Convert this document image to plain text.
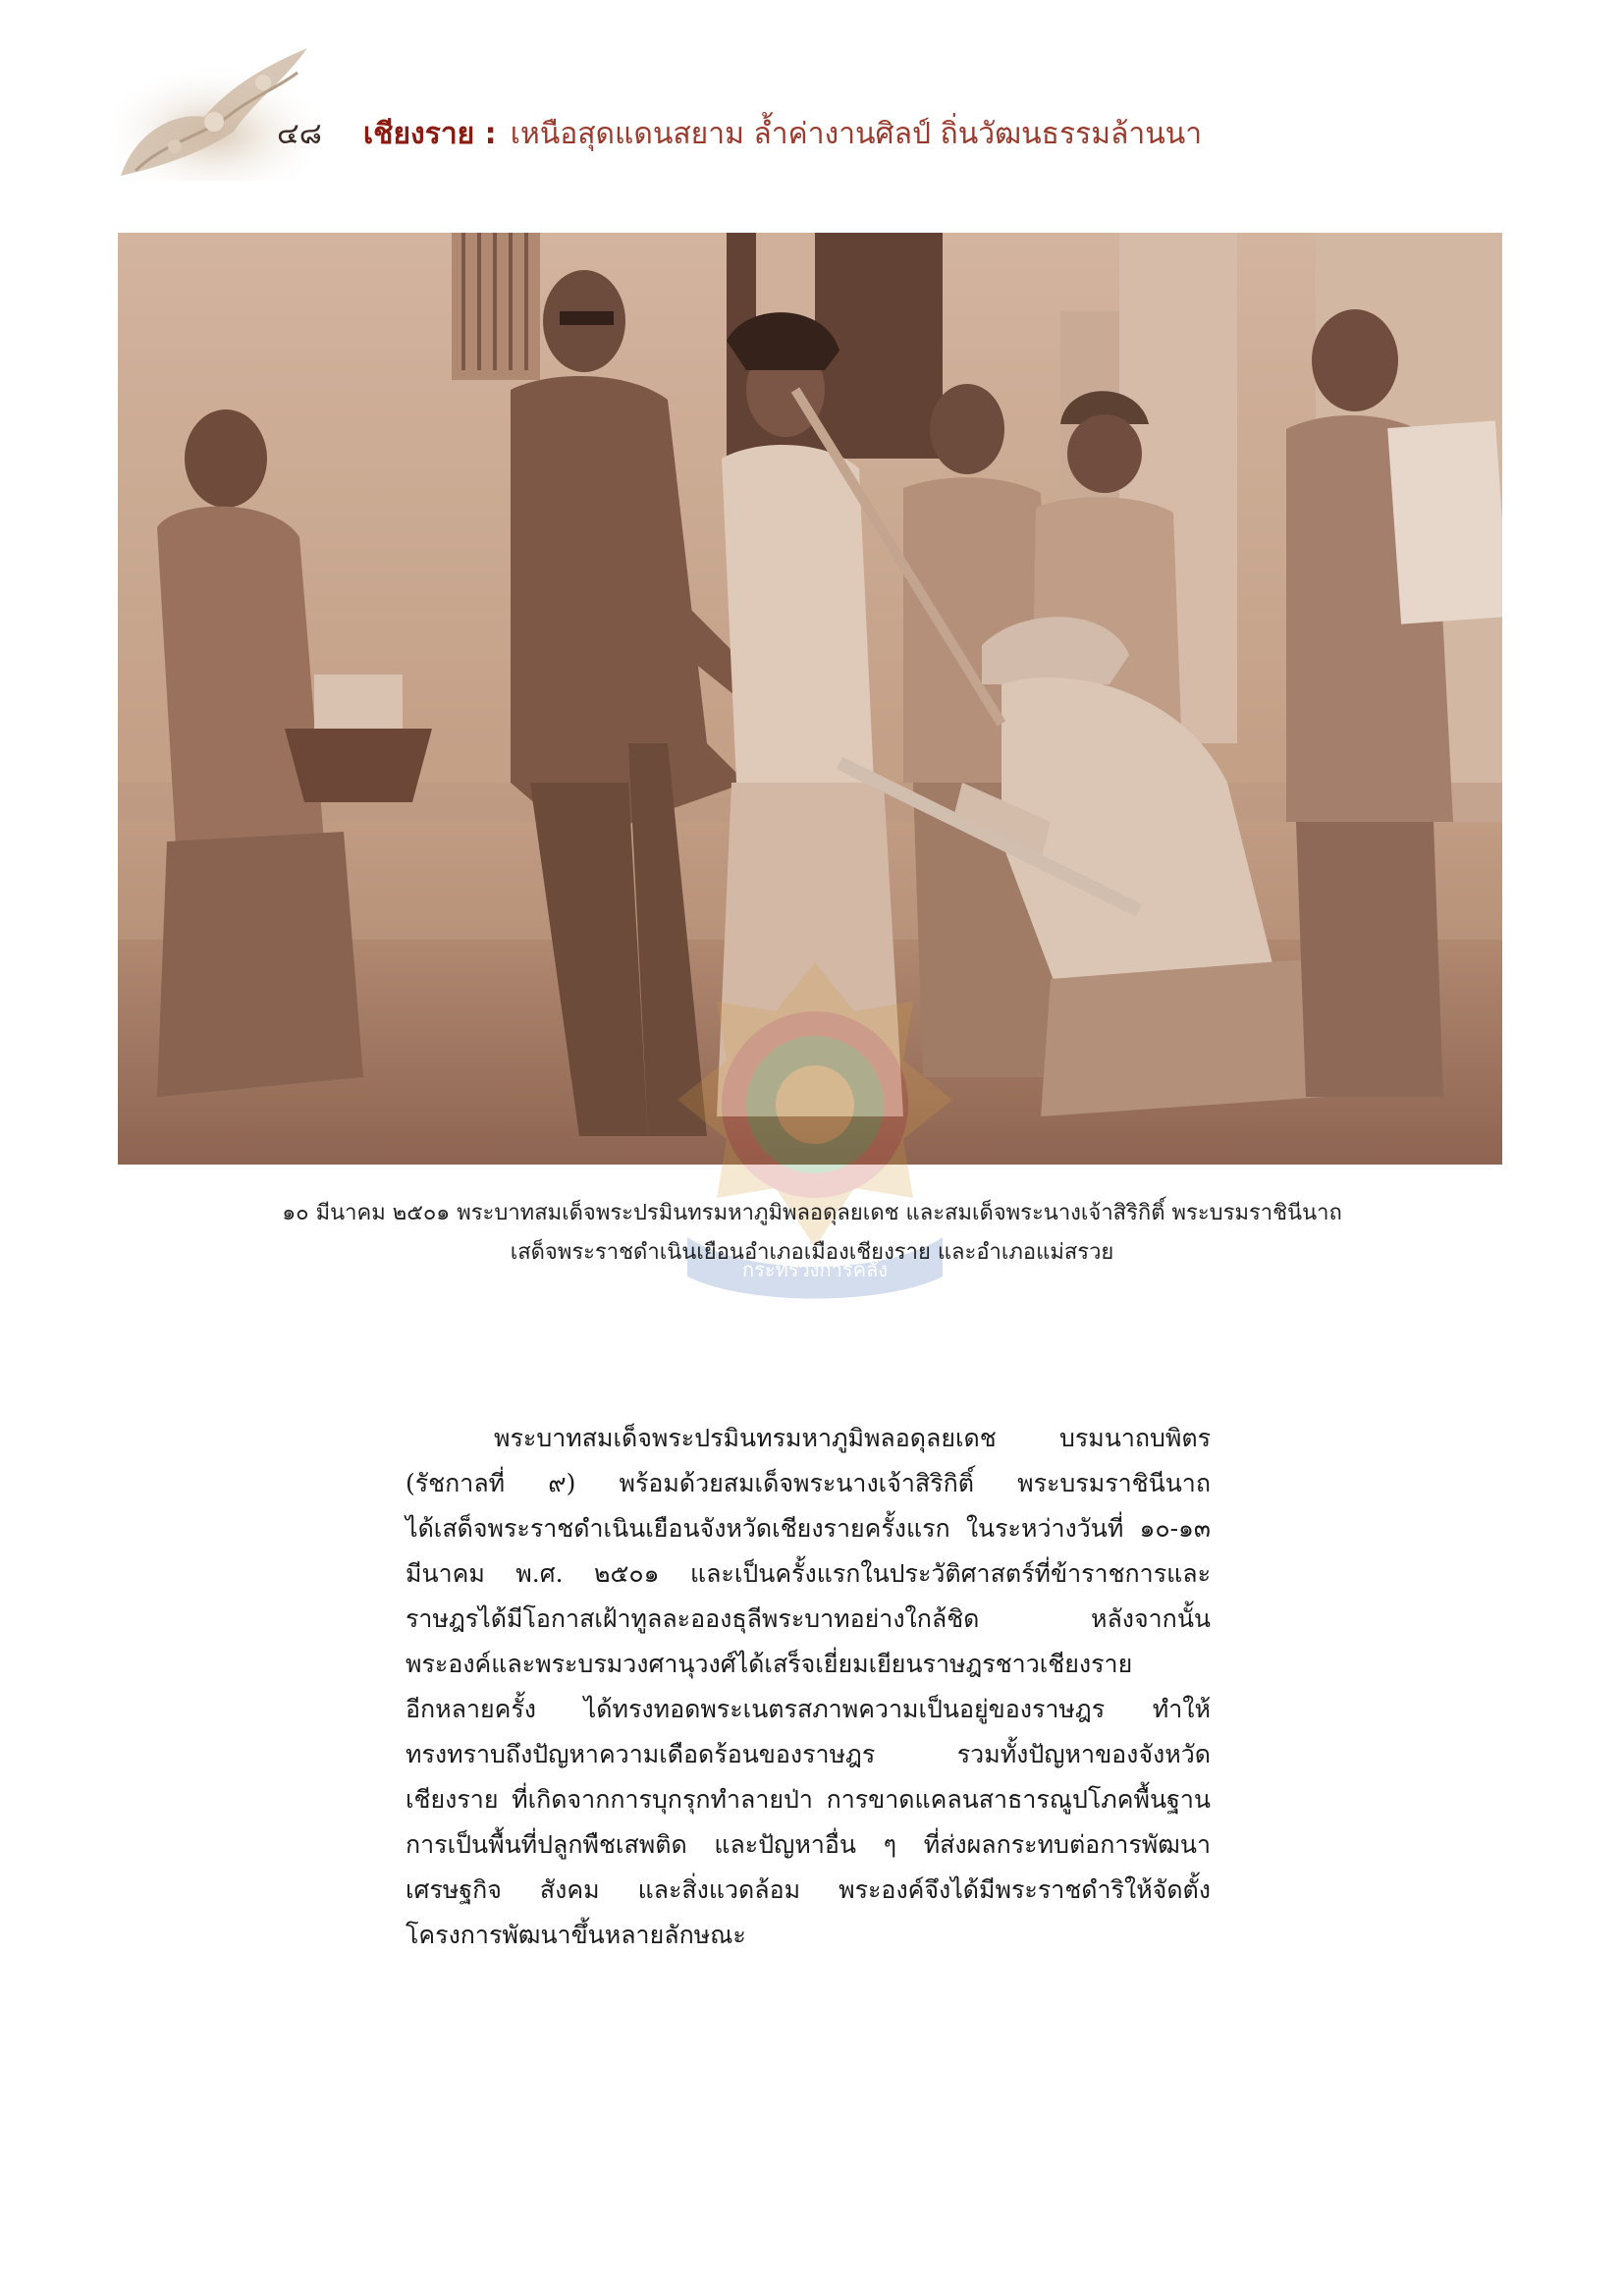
๔๘ เชียงราย : เหนือสุดแดนสยาม ล้ำค่างานศิลป์ ถิ่นวัฒนธรรมล้านนา
กระทรวงการคลัง
๑๐ มีนาคม ๒๕๐๑ พระบาทสมเด็จพระปรมินทรมหาภูมิพลอดุลยเดช และสมเด็จพระนางเจ้าสิริกิติ์ พระบรมราชินีนาถ
เสด็จพระราชดำเนินเยือนอำเภอเมืองเชียงราย และอำเภอแม่สรวย
พระบาทสมเด็จพระปรมินทรมหาภูมิพลอดุลยเดช บรมนาถบพิตร
(รัชกาลที่ ๙) พร้อมด้วยสมเด็จพระนางเจ้าสิริกิติ์ พระบรมราชินีนาถ
ได้เสด็จพระราชดำเนินเยือนจังหวัดเชียงรายครั้งแรก ในระหว่างวันที่ ๑๐-๑๓
มีนาคม พ.ศ. ๒๕๐๑ และเป็นครั้งแรกในประวัติศาสตร์ที่ข้าราชการและ
ราษฎรได้มีโอกาสเฝ้าทูลละอองธุลีพระบาทอย่างใกล้ชิด หลังจากนั้น
พระองค์และพระบรมวงศานุวงศ์ได้เสร็จเยี่ยมเยียนราษฎรชาวเชียงราย
อีกหลายครั้ง ได้ทรงทอดพระเนตรสภาพความเป็นอยู่ของราษฎร ทำให้
ทรงทราบถึงปัญหาความเดือดร้อนของราษฎร รวมทั้งปัญหาของจังหวัด
เชียงราย ที่เกิดจากการบุกรุกทำลายป่า การขาดแคลนสาธารณูปโภคพื้นฐาน
การเป็นพื้นที่ปลูกพืชเสพติด และปัญหาอื่น ๆ ที่ส่งผลกระทบต่อการพัฒนา
เศรษฐกิจ สังคม และสิ่งแวดล้อม พระองค์จึงได้มีพระราชดำริให้จัดตั้ง
โครงการพัฒนาขึ้นหลายลักษณะ
